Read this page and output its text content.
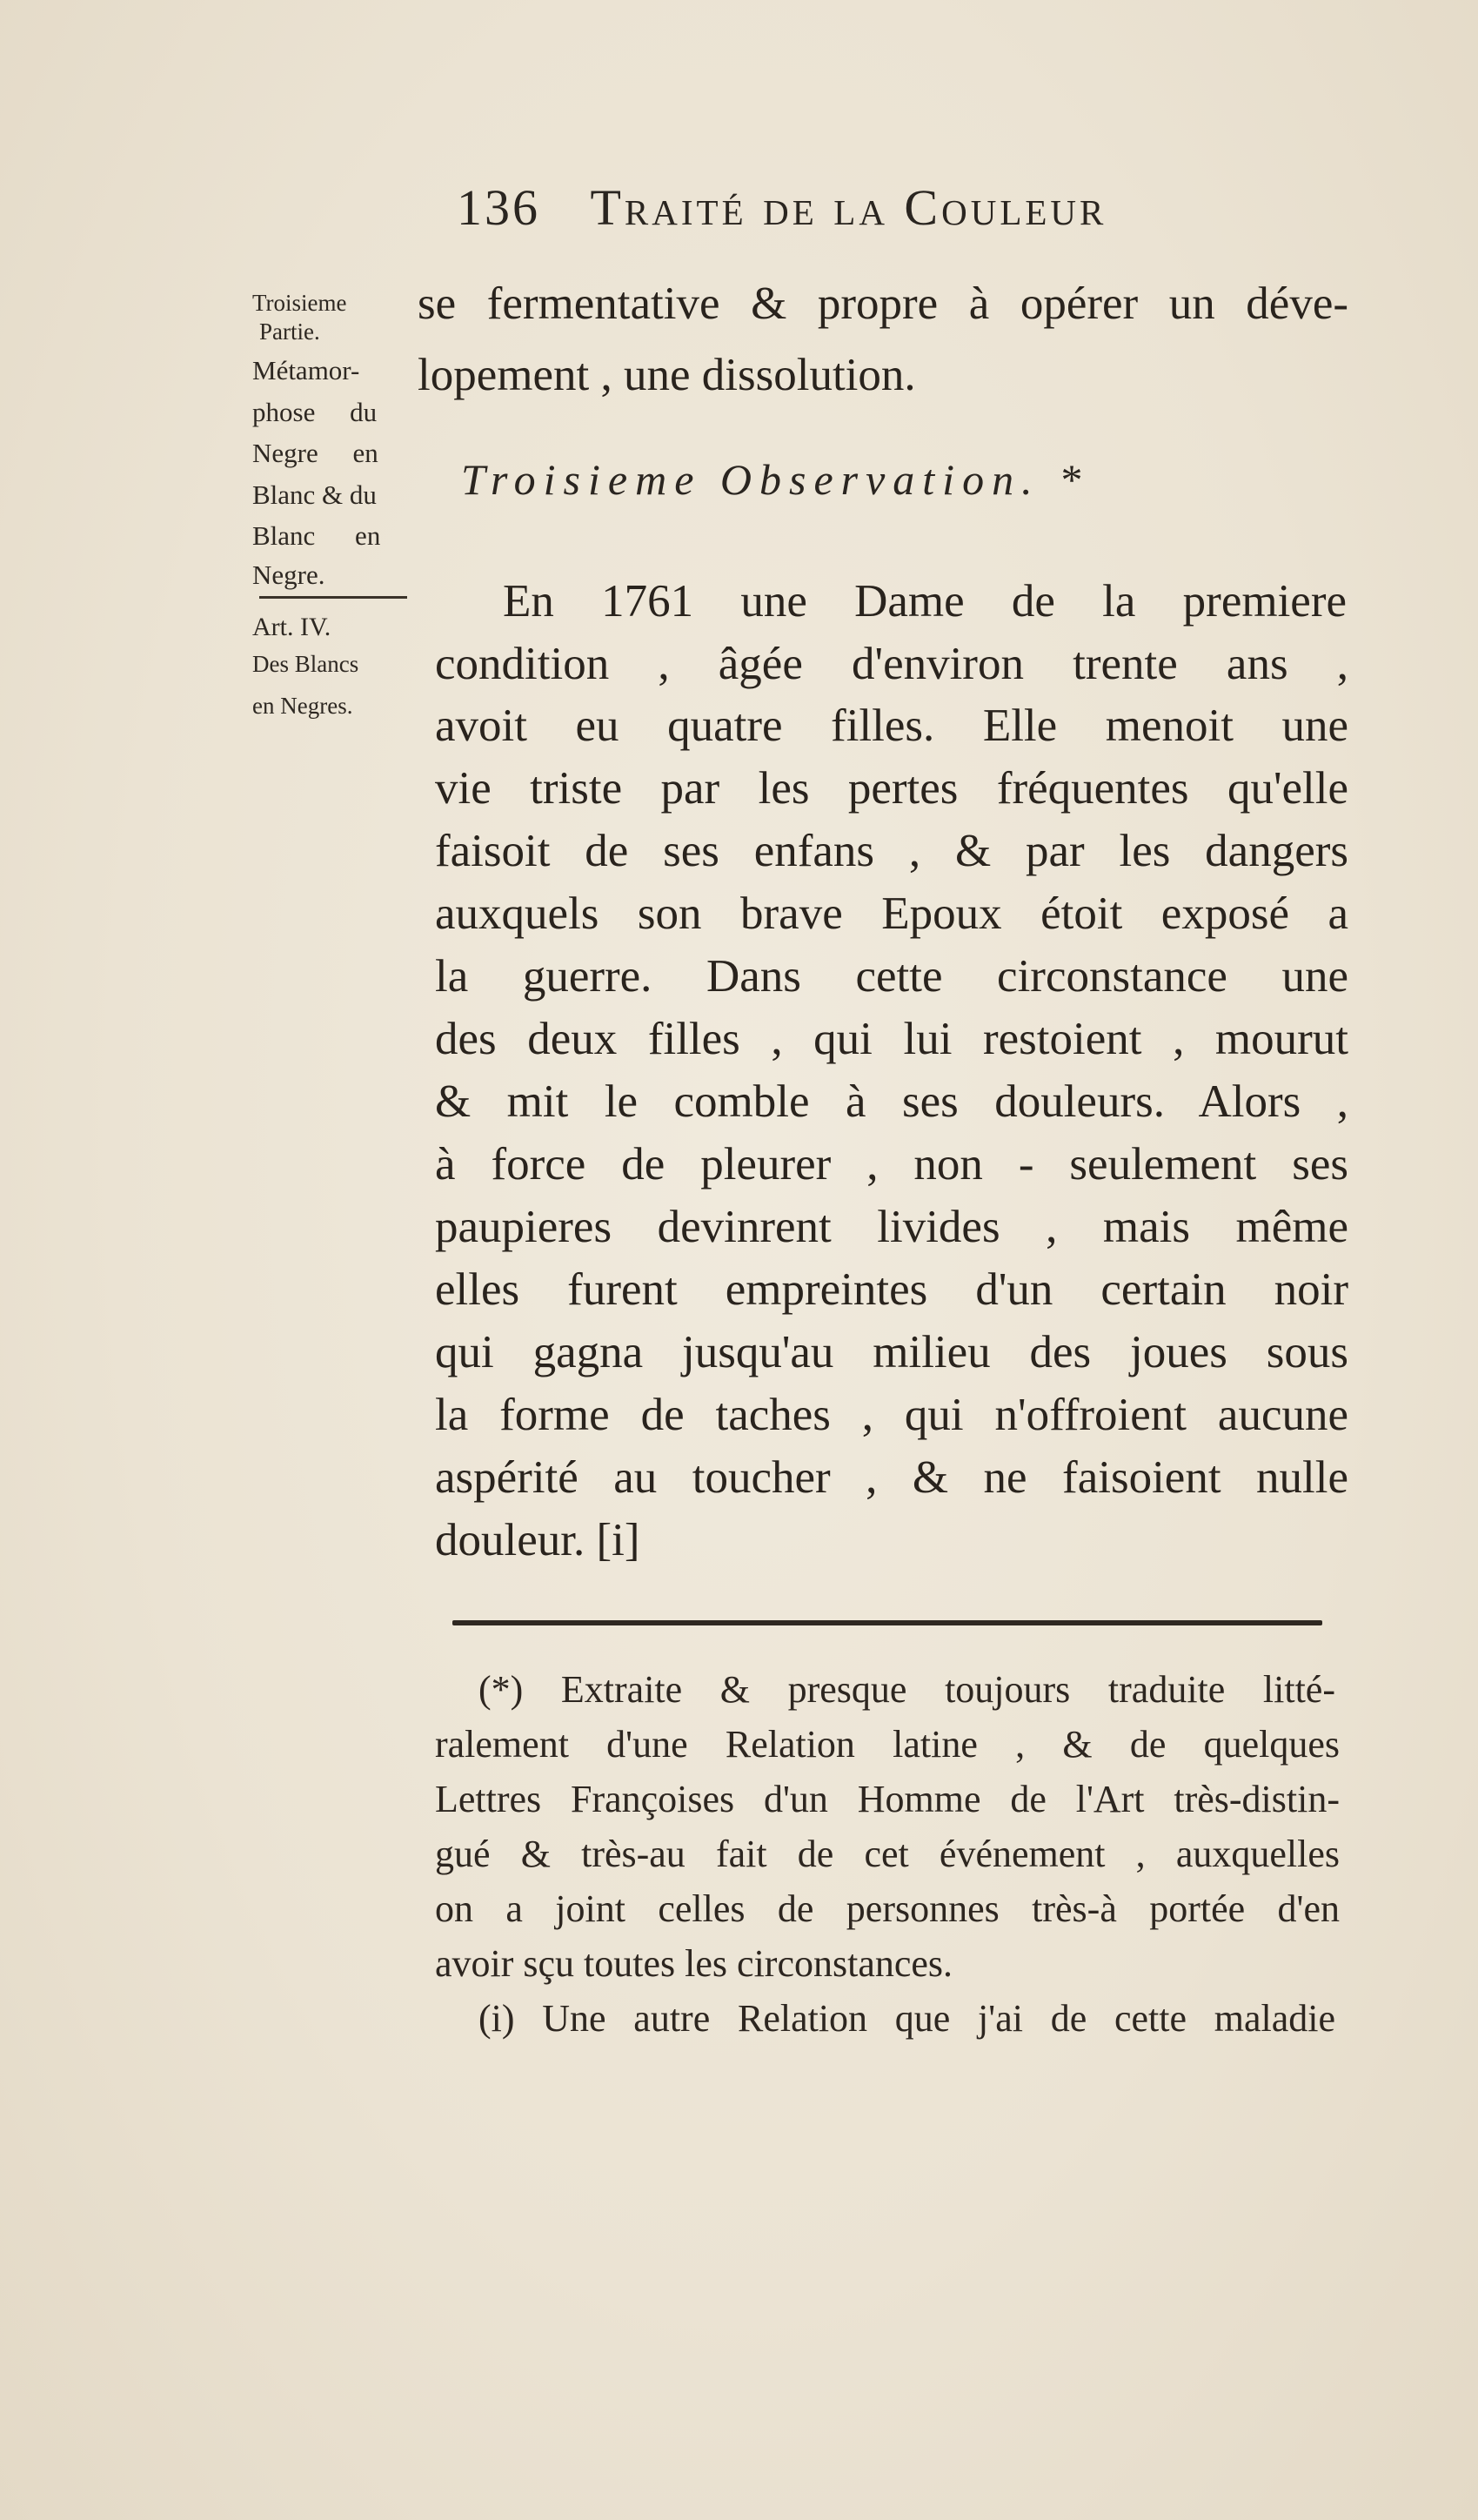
136 Traité de la Couleur
Troisieme
Partie.
Métamor-
phose du
Negre en
Blanc & du
Blanc en
Negre.
Art. IV.
Des Blancs
en Negres.
se fermentative & propre à opérer un déve-
lopement , une dissolution.
Troisieme Observation. *
En 1761 une Dame de la premiere
condition , âgée d'environ trente ans ,
avoit eu quatre filles. Elle menoit une
vie triste par les pertes fréquentes qu'elle
faisoit de ses enfans , & par les dangers
auxquels son brave Epoux étoit exposé a
la guerre. Dans cette circonstance une
des deux filles , qui lui restoient , mourut
& mit le comble à ses douleurs. Alors ,
à force de pleurer , non - seulement ses
paupieres devinrent livides , mais même
elles furent empreintes d'un certain noir
qui gagna jusqu'au milieu des joues sous
la forme de taches , qui n'offroient aucune
aspérité au toucher , & ne faisoient nulle
douleur. [i]
(*) Extraite & presque toujours traduite litté-
ralement d'une Relation latine , & de quelques
Lettres Françoises d'un Homme de l'Art très-distin-
gué & très-au fait de cet événement , auxquelles
on a joint celles de personnes très-à portée d'en
avoir sçu toutes les circonstances.
(i) Une autre Relation que j'ai de cette maladie
